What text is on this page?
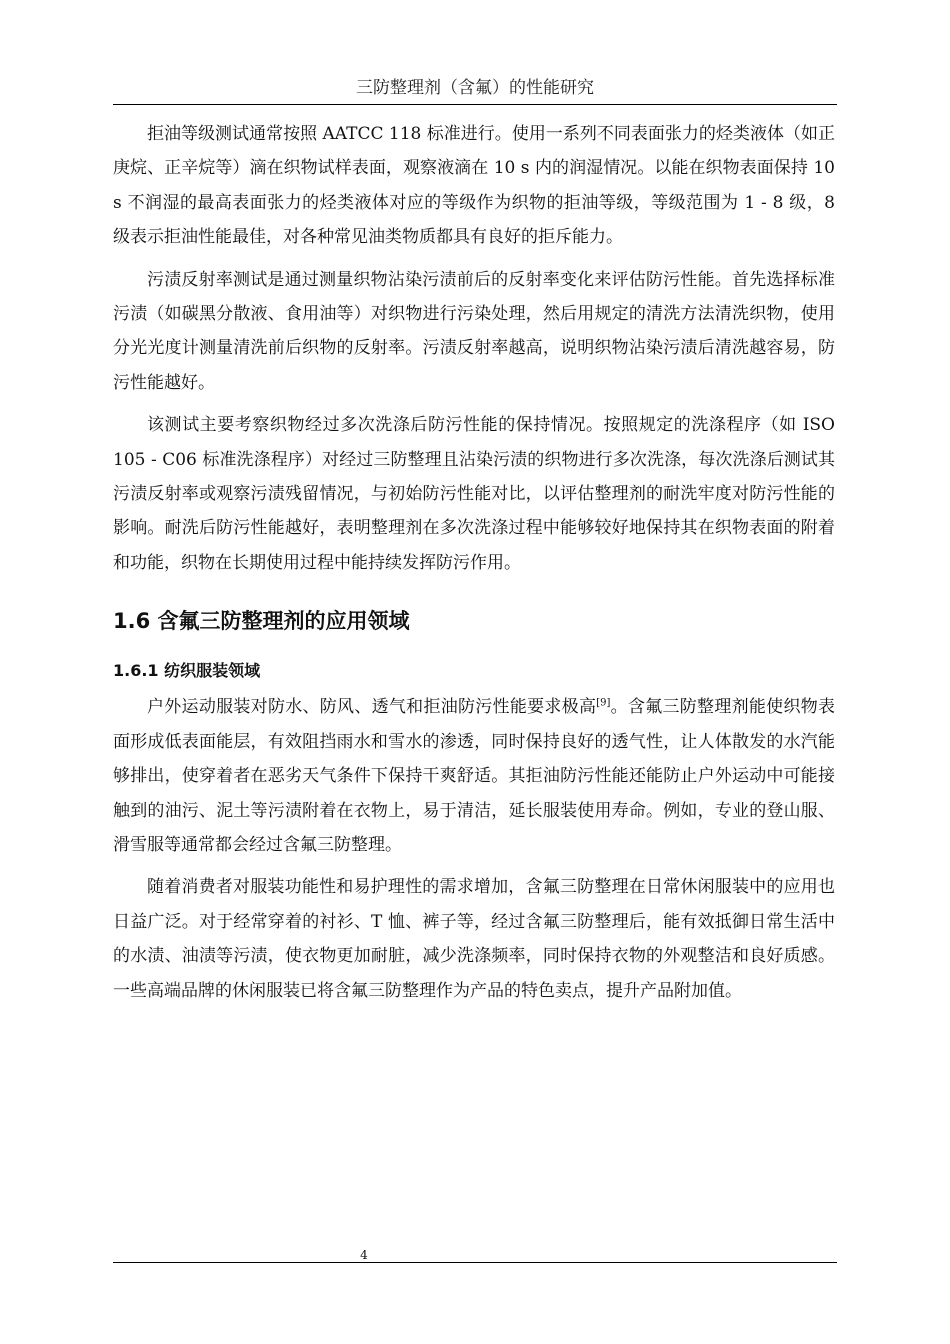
三防整理剂（含氟）的性能研究

拒油等级测试通常按照 AATCC 118 标准进行。使用一系列不同表面张力的烃类液体（如正庚烷、正辛烷等）滴在织物试样表面，观察液滴在 10 s 内的润湿情况。以能在织物表面保持 10 s 不润湿的最高表面张力的烃类液体对应的等级作为织物的拒油等级，等级范围为 1 - 8 级，8 级表示拒油性能最佳，对各种常见油类物质都具有良好的拒斥能力。

污渍反射率测试是通过测量织物沾染污渍前后的反射率变化来评估防污性能。首先选择标准污渍（如碳黑分散液、食用油等）对织物进行污染处理，然后用规定的清洗方法清洗织物，使用分光光度计测量清洗前后织物的反射率。污渍反射率越高，说明织物沾染污渍后清洗越容易，防污性能越好。

该测试主要考察织物经过多次洗涤后防污性能的保持情况。按照规定的洗涤程序（如 ISO 105 - C06 标准洗涤程序）对经过三防整理且沾染污渍的织物进行多次洗涤，每次洗涤后测试其污渍反射率或观察污渍残留情况，与初始防污性能对比，以评估整理剂的耐洗牢度对防污性能的影响。耐洗后防污性能越好，表明整理剂在多次洗涤过程中能够较好地保持其在织物表面的附着和功能，织物在长期使用过程中能持续发挥防污作用。

1.6 含氟三防整理剂的应用领域
1.6.1 纺织服装领域

户外运动服装对防水、防风、透气和拒油防污性能要求极高[9]。含氟三防整理剂能使织物表面形成低表面能层，有效阻挡雨水和雪水的渗透，同时保持良好的透气性，让人体散发的水汽能够排出，使穿着者在恶劣天气条件下保持干爽舒适。其拒油防污性能还能防止户外运动中可能接触到的油污、泥土等污渍附着在衣物上，易于清洁，延长服装使用寿命。例如，专业的登山服、滑雪服等通常都会经过含氟三防整理。

随着消费者对服装功能性和易护理性的需求增加，含氟三防整理在日常休闲服装中的应用也日益广泛。对于经常穿着的衬衫、T 恤、裤子等，经过含氟三防整理后，能有效抵御日常生活中的水渍、油渍等污渍，使衣物更加耐脏，减少洗涤频率，同时保持衣物的外观整洁和良好质感。一些高端品牌的休闲服装已将含氟三防整理作为产品的特色卖点，提升产品附加值。

4
